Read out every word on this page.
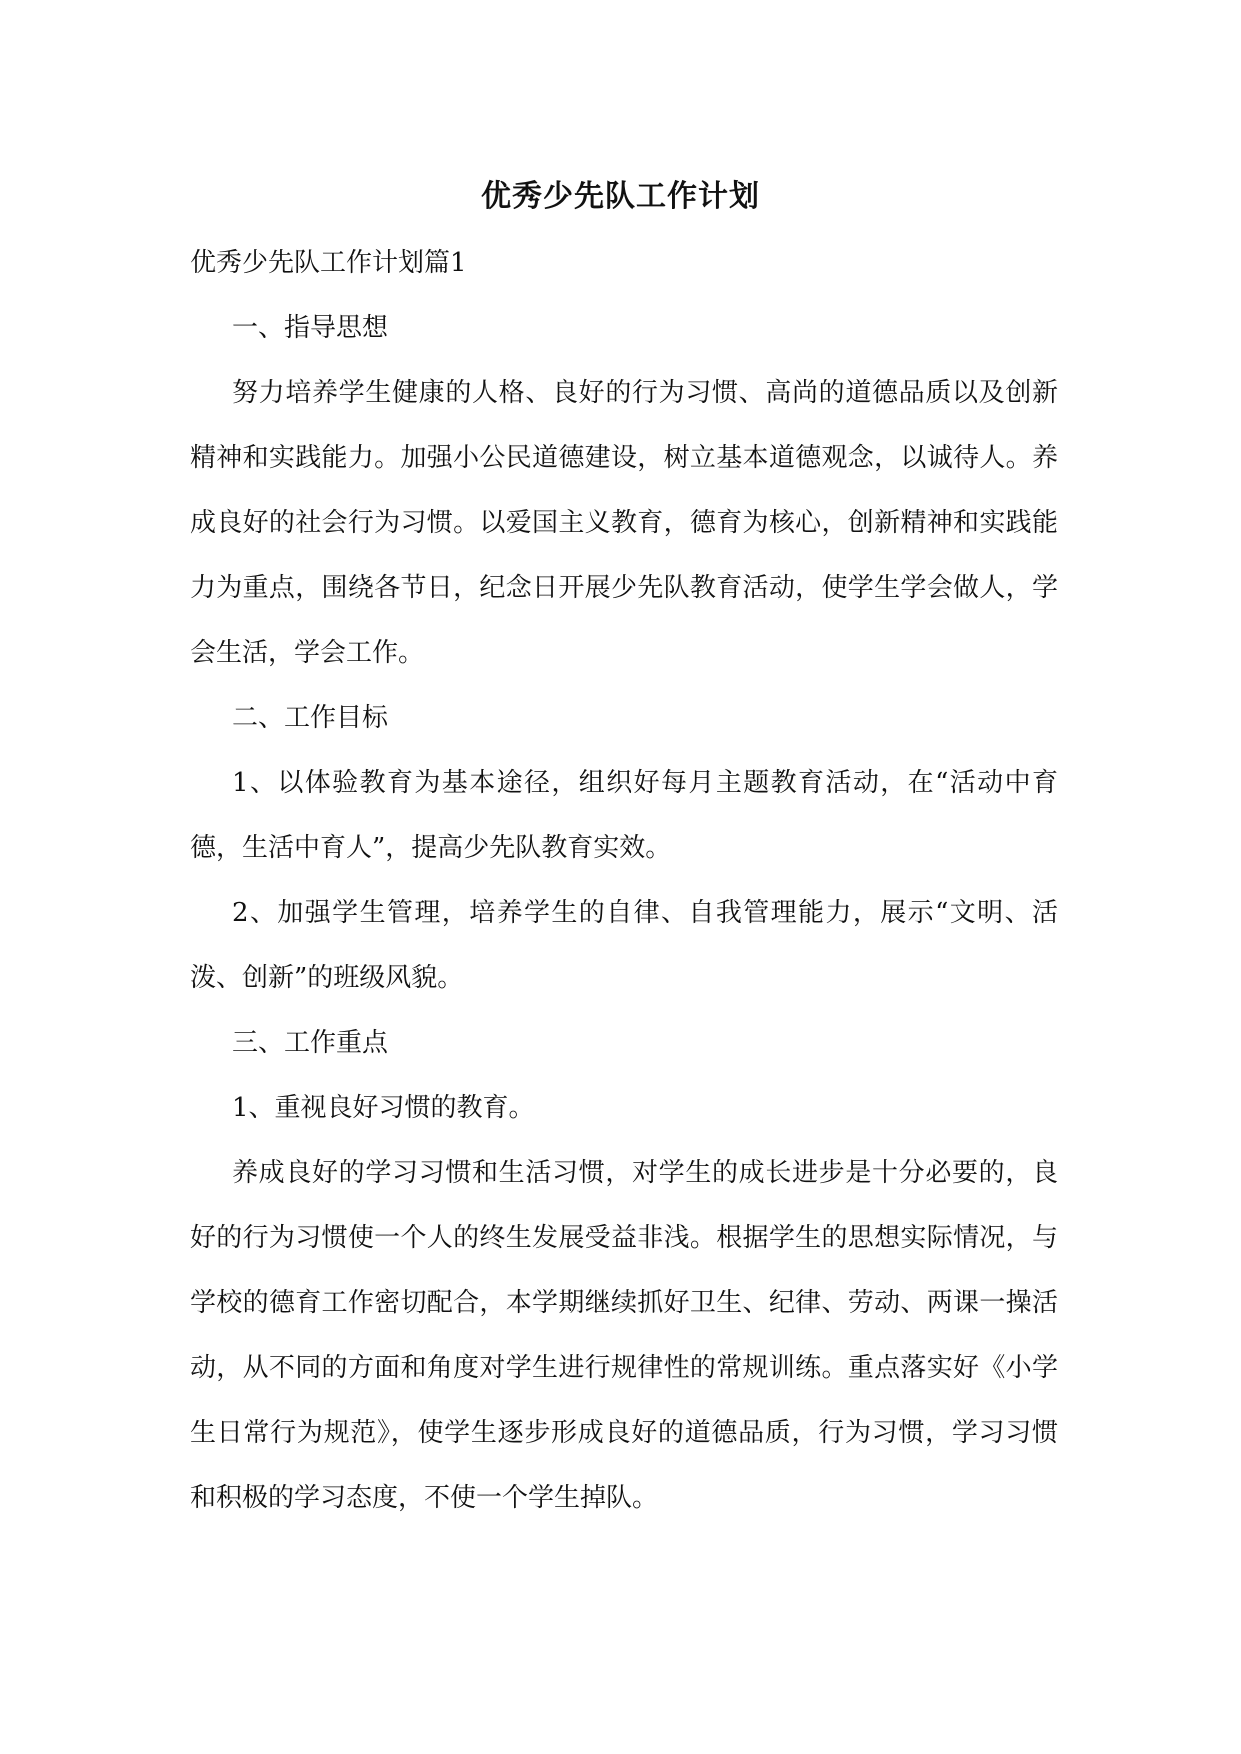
优秀少先队工作计划

优秀少先队工作计划篇1

一、指导思想

努力培养学生健康的人格、良好的行为习惯、高尚的道德品质以及创新精神和实践能力。加强小公民道德建设，树立基本道德观念，以诚待人。养成良好的社会行为习惯。以爱国主义教育，德育为核心，创新精神和实践能力为重点，围绕各节日，纪念日开展少先队教育活动，使学生学会做人，学会生活，学会工作。

二、工作目标

1、以体验教育为基本途径，组织好每月主题教育活动，在“活动中育德，生活中育人”，提高少先队教育实效。

2、加强学生管理，培养学生的自律、自我管理能力，展示“文明、活泼、创新”的班级风貌。

三、工作重点

1、重视良好习惯的教育。

养成良好的学习习惯和生活习惯，对学生的成长进步是十分必要的，良好的行为习惯使一个人的终生发展受益非浅。根据学生的思想实际情况，与学校的德育工作密切配合，本学期继续抓好卫生、纪律、劳动、两课一操活动，从不同的方面和角度对学生进行规律性的常规训练。重点落实好《小学生日常行为规范》，使学生逐步形成良好的道德品质，行为习惯，学习习惯和积极的学习态度，不使一个学生掉队。
